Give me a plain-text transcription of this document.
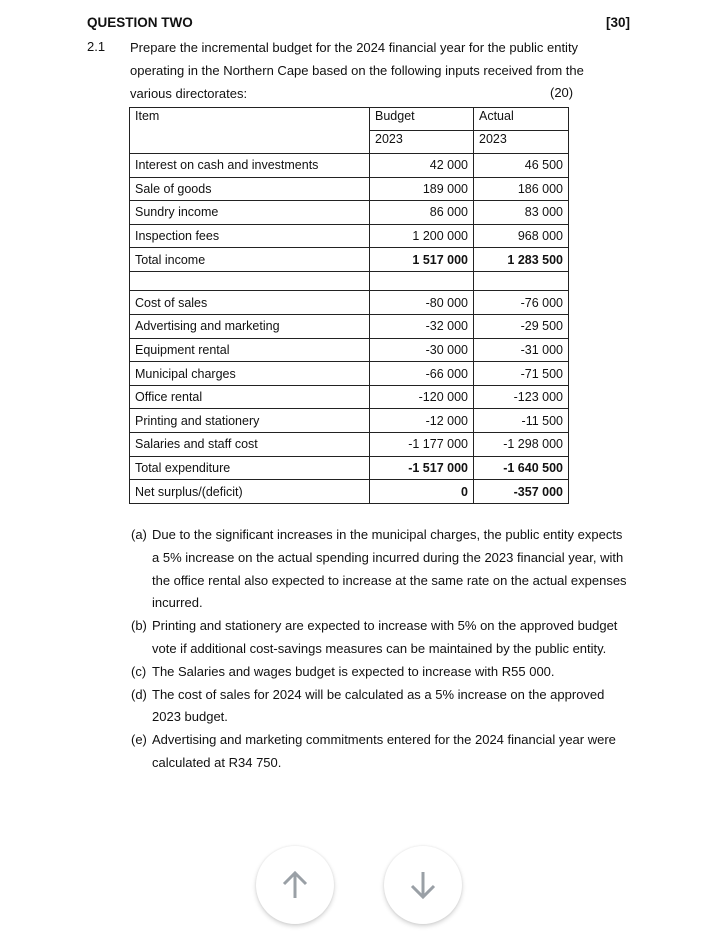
QUESTION TWO	[30]
2.1 Prepare the incremental budget for the 2024 financial year for the public entity operating in the Northern Cape based on the following inputs received from the various directorates:	(20)
Item	Budget	Actual
	2023	2023
Interest on cash and investments	42 000	46 500
Sale of goods	189 000	186 000
Sundry income	86 000	83 000
Inspection fees	1 200 000	968 000
Total income	1 517 000	1 283 500

Cost of sales	-80 000	-76 000
Advertising and marketing	-32 000	-29 500
Equipment rental	-30 000	-31 000
Municipal charges	-66 000	-71 500
Office rental	-120 000	-123 000
Printing and stationery	-12 000	-11 500
Salaries and staff cost	-1 177 000	-1 298 000
Total expenditure	-1 517 000	-1 640 500
Net surplus/(deficit)	0	-357 000
(a) Due to the significant increases in the municipal charges, the public entity expects a 5% increase on the actual spending incurred during the 2023 financial year, with the office rental also expected to increase at the same rate on the actual expenses incurred.
(b) Printing and stationery are expected to increase with 5% on the approved budget vote if additional cost-savings measures can be maintained by the public entity.
(c) The Salaries and wages budget is expected to increase with R55 000.
(d) The cost of sales for 2024 will be calculated as a 5% increase on the approved 2023 budget.
(e) Advertising and marketing commitments entered for the 2024 financial year were calculated at R34 750.
